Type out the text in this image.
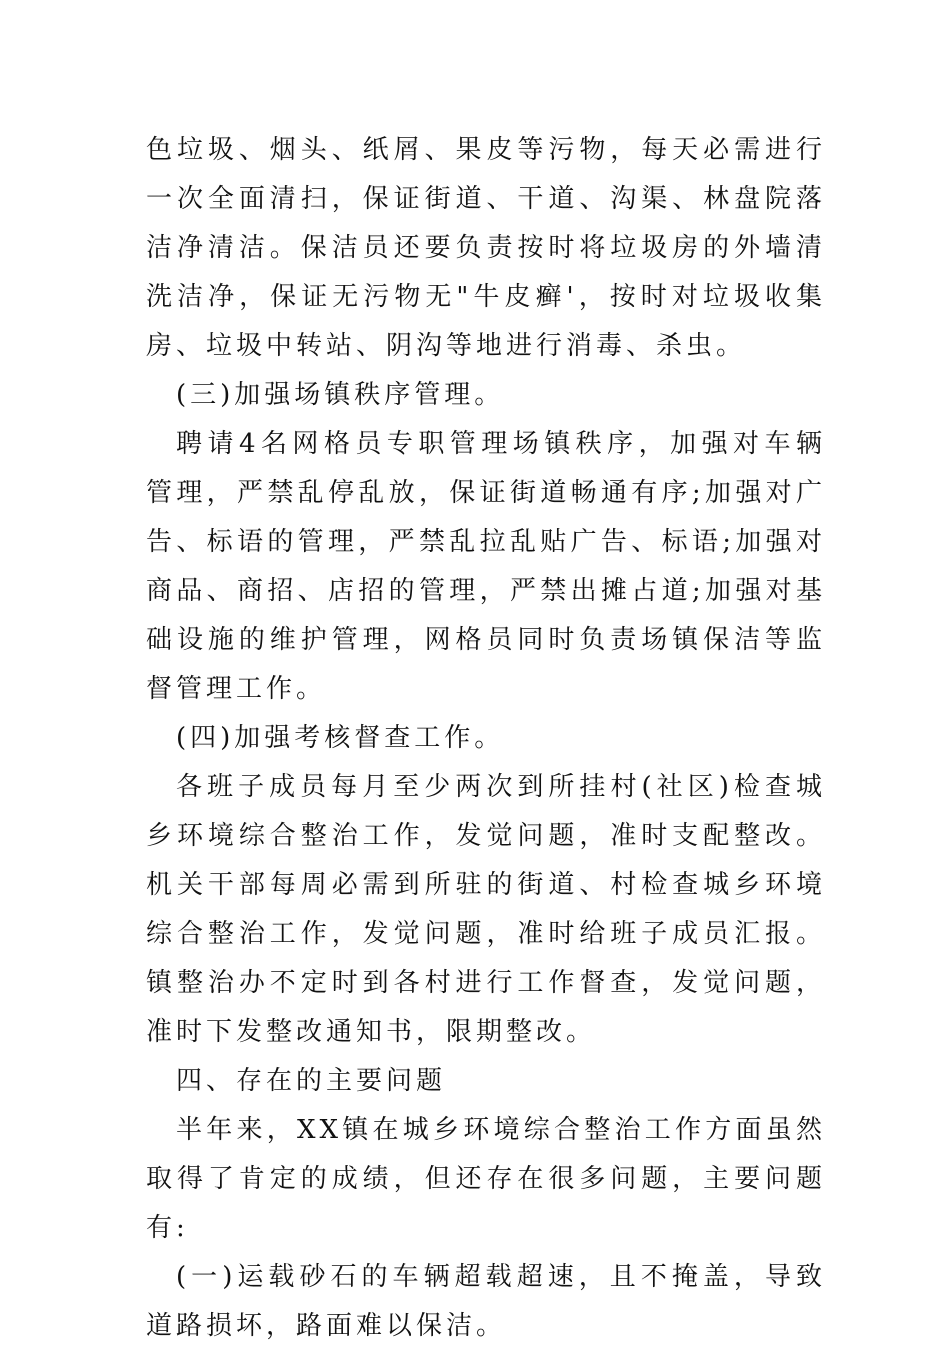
色垃圾、烟头、纸屑、果皮等污物，每天必需进行一次全面清扫，保证街道、干道、沟渠、林盘院落洁净清洁。保洁员还要负责按时将垃圾房的外墙清洗洁净，保证无污物无"牛皮癣'，按时对垃圾收集房、垃圾中转站、阴沟等地进行消毒、杀虫。

(三)加强场镇秩序管理。

聘请4名网格员专职管理场镇秩序，加强对车辆管理，严禁乱停乱放，保证街道畅通有序;加强对广告、标语的管理，严禁乱拉乱贴广告、标语;加强对商品、商招、店招的管理，严禁出摊占道;加强对基础设施的维护管理，网格员同时负责场镇保洁等监督管理工作。

(四)加强考核督查工作。

各班子成员每月至少两次到所挂村(社区)检查城乡环境综合整治工作，发觉问题，准时支配整改。机关干部每周必需到所驻的街道、村检查城乡环境综合整治工作，发觉问题，准时给班子成员汇报。镇整治办不定时到各村进行工作督查，发觉问题，准时下发整改通知书，限期整改。

四、存在的主要问题

半年来，XX镇在城乡环境综合整治工作方面虽然取得了肯定的成绩，但还存在很多问题，主要问题有:

(一)运载砂石的车辆超载超速，且不掩盖，导致道路损坏，路面难以保洁。
